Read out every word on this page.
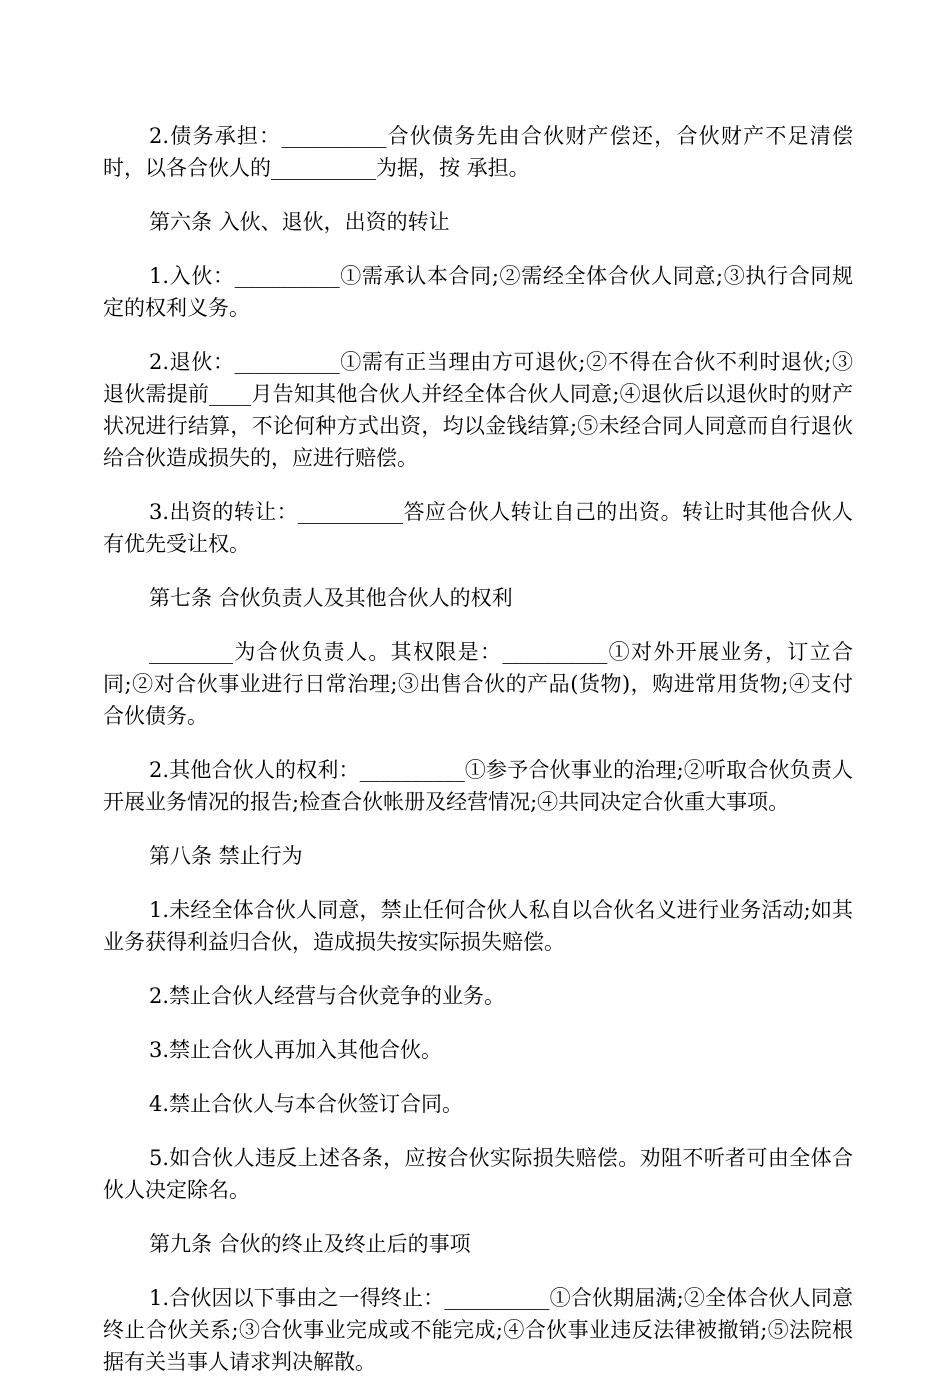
2.债务承担：__________合伙债务先由合伙财产偿还，合伙财产不足清偿时，以各合伙人的__________为据，按 承担。

第六条 入伙、退伙，出资的转让

1.入伙：__________①需承认本合同;②需经全体合伙人同意;③执行合同规定的权利义务。

2.退伙：__________①需有正当理由方可退伙;②不得在合伙不利时退伙;③退伙需提前____月告知其他合伙人并经全体合伙人同意;④退伙后以退伙时的财产状况进行结算，不论何种方式出资，均以金钱结算;⑤未经合同人同意而自行退伙给合伙造成损失的，应进行赔偿。

3.出资的转让：__________答应合伙人转让自己的出资。转让时其他合伙人有优先受让权。

第七条 合伙负责人及其他合伙人的权利

________为合伙负责人。其权限是：__________①对外开展业务，订立合同;②对合伙事业进行日常治理;③出售合伙的产品(货物)，购进常用货物;④支付合伙债务。

2.其他合伙人的权利：__________①参予合伙事业的治理;②听取合伙负责人开展业务情况的报告;检查合伙帐册及经营情况;④共同决定合伙重大事项。

第八条 禁止行为

1.未经全体合伙人同意，禁止任何合伙人私自以合伙名义进行业务活动;如其业务获得利益归合伙，造成损失按实际损失赔偿。

2.禁止合伙人经营与合伙竞争的业务。

3.禁止合伙人再加入其他合伙。

4.禁止合伙人与本合伙签订合同。

5.如合伙人违反上述各条，应按合伙实际损失赔偿。劝阻不听者可由全体合伙人决定除名。

第九条 合伙的终止及终止后的事项

1.合伙因以下事由之一得终止：__________①合伙期届满;②全体合伙人同意终止合伙关系;③合伙事业完成或不能完成;④合伙事业违反法律被撤销;⑤法院根据有关当事人请求判决解散。
